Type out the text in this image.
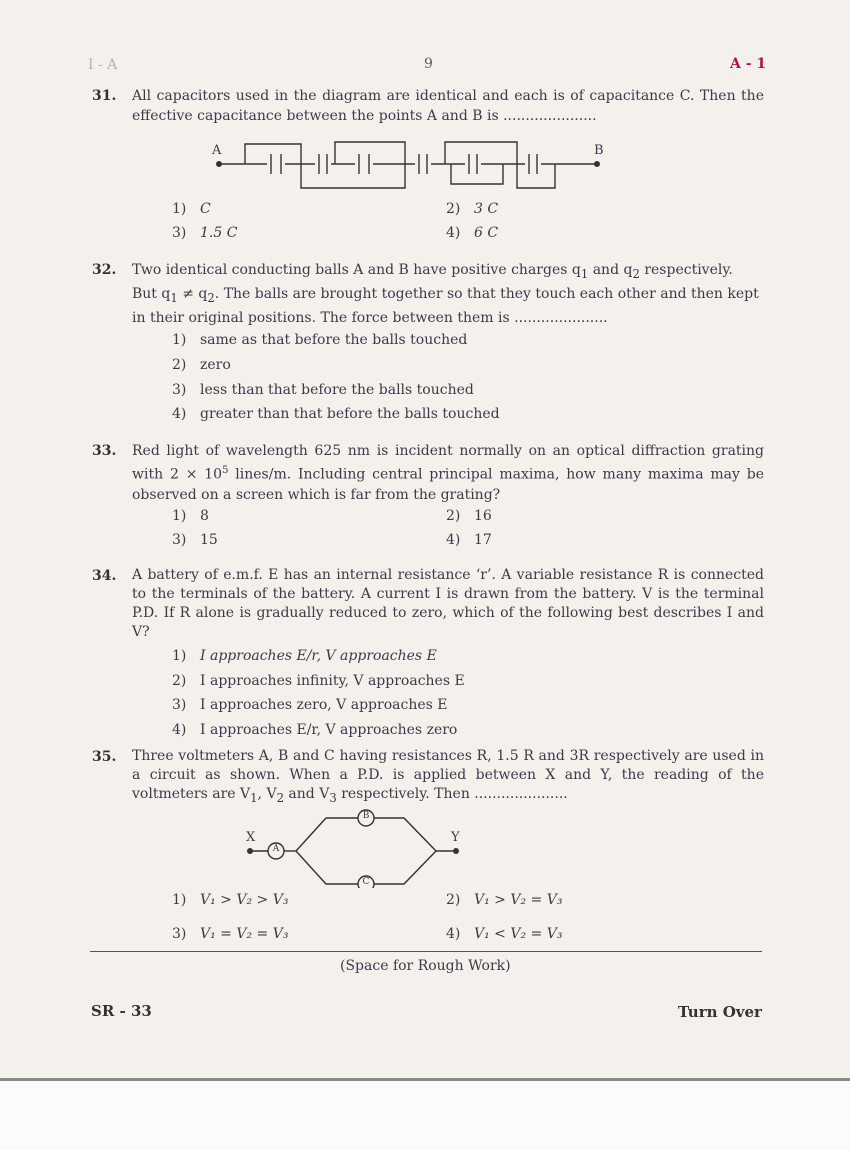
I - A	9	A - 1
31. All capacitors used in the diagram are identical and each is of capacitance C. Then the effective capacitance between the points A and B is .....................
A	B
1) C	2) 3 C
3) 1.5 C	4) 6 C
32. Two identical conducting balls A and B have positive charges $q_1$ and $q_2$ respectively.
But $q_1 \ne q_2$. The balls are brought together so that they touch each other and then kept
in their original positions. The force between them is .....................
1) same as that before the balls touched
2) zero
3) less than that before the balls touched
4) greater than that before the balls touched
33. Red light of wavelength 625 nm is incident normally on an optical diffraction grating with $2 \times 10^5$ lines/m. Including central principal maxima, how many maxima may be observed on a screen which is far from the grating?
1) 8	2) 16
3) 15	4) 17
34. A battery of e.m.f. E has an internal resistance ‘r’. A variable resistance R is connected to the terminals of the battery. A current I is drawn from the battery. V is the terminal P.D. If R alone is gradually reduced to zero, which of the following best describes I and V?
1) I approaches E/r, V approaches E
2) I approaches infinity, V approaches E
3) I approaches zero, V approaches E
4) I approaches E/r, V approaches zero
35. Three voltmeters A, B and C having resistances R, 1.5 R and 3R respectively are used in a circuit as shown. When a P.D. is applied between X and Y, the reading of the voltmeters are $V_1$, $V_2$ and $V_3$ respectively. Then .....................
X	Y
A
B
C
1) V₁ > V₂ > V₃	2) V₁ > V₂ = V₃
3) V₁ = V₂ = V₃	4) V₁ < V₂ = V₃
(Space for Rough Work)
SR - 33	Turn Over
